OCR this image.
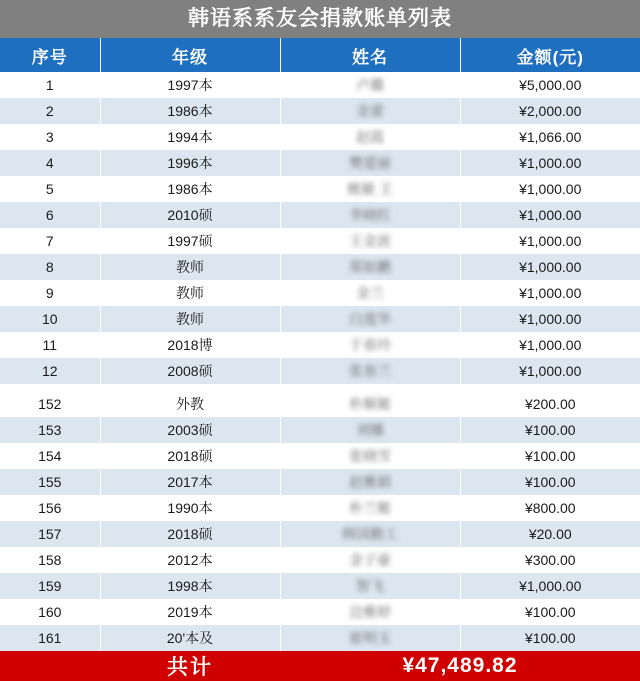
韩语系系友会捐款账单列表
序号	年级	姓名	金额(元)
1	1997本	卢璐	¥5,000.00
2	1986本	金蕾	¥2,000.00
3	1994本	赵霞	¥1,066.00
4	1996本	樊爱丽	¥1,000.00
5	1986本	姚敏 王	¥1,000.00
6	2010硕	李晓红	¥1,000.00
7	1997硕	王金波	¥1,000.00
8	教师	郑如鹏	¥1,000.00
9	教师	金兰	¥1,000.00
10	教师	白莲华	¥1,000.00
11	2018博	于春玲	¥1,000.00
12	2008硕	张春兰	¥1,000.00

152	外教	朴顺姬	¥200.00
153	2003硕	刘娜	¥100.00
154	2018硕	张晓雪	¥100.00
155	2017本	赵雅娟	¥100.00
156	1990本	朴兰姬	¥800.00
157	2018硕	韩国勤工	¥20.00
158	2012本	金子豪	¥300.00
159	1998本	智飞	¥1,000.00
160	2019本	边雅婷	¥100.00
161	20'本及	崔明玉	¥100.00
共计	¥47,489.82
